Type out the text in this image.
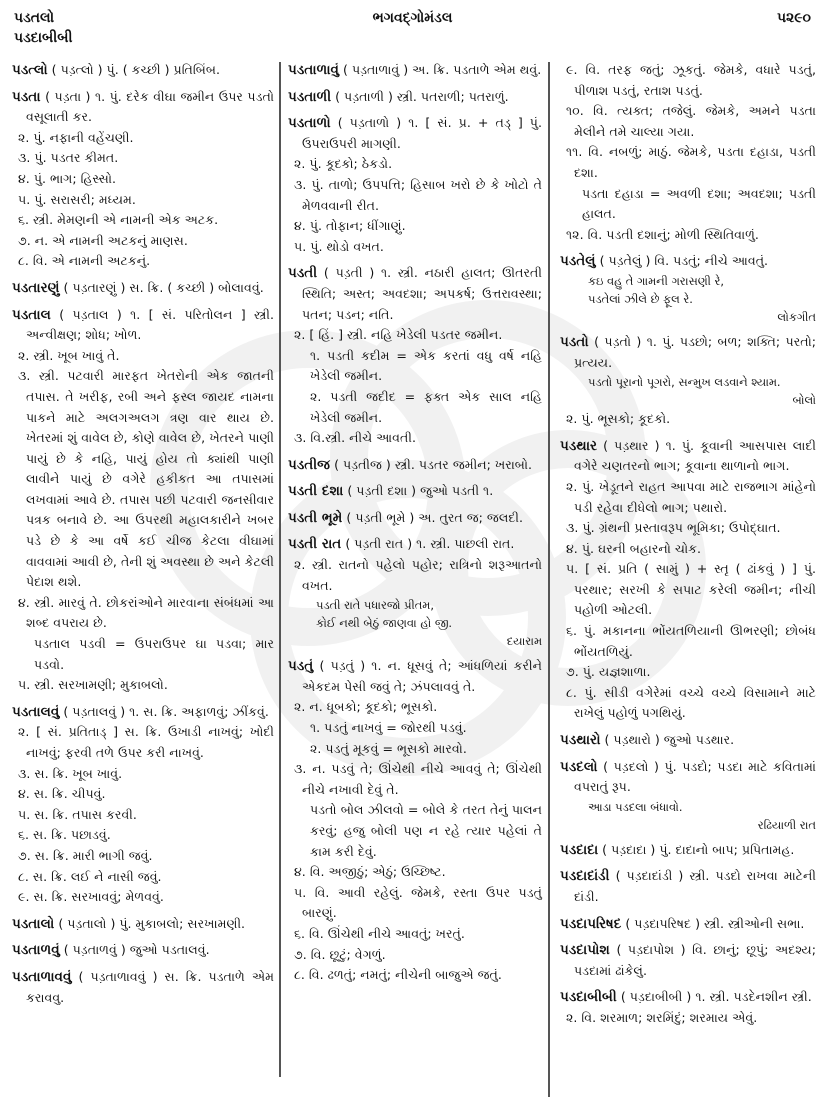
પડતલો
પડદાબીબી
ભગવદ્ગોમંડલ	પ૨૯૦
પડત્લો ( પડ઼ત્લો ) પું. ( કચ્છી ) પ્રતિબિંબ.
પડતા ( પડ઼તા ) ૧. પું. દરેક વીઘા જમીન ઉપર પડતો વસૂલાતી કર.
૨. પું. નફાની વહેંચણી.
૩. પું. પડતર કીમત.
૪. પું. ભાગ; હિસ્સો.
૫. પું. સરાસરી; મધ્યમ.
૬. સ્ત્રી. મેમણની એ નામની એક અટક.
૭. ન. એ નામની અટકનું માણસ.
૮. વિ. એ નામની અટકનું.
પડતારણું ( પડ઼તારણું ) સ. ક્રિ. ( કચ્છી ) બોલાવવું.
પડતાલ ( પડ઼તાલ ) ૧. [ સં. પરિતોલન ] સ્ત્રી. અન્વીક્ષણ; શોધ; ખોળ.
૨. સ્ત્રી. ખૂબ ખાવું તે.
૩. સ્ત્રી. પટવારી મારફત ખેતરોની એક જાતની તપાસ. તે ખરીફ, રબી અને ફસ્લ જાયદ નામના પાકને માટે અલગઅલગ ત્રણ વાર થાય છે. ખેતરમાં શું વાવેલ છે, કોણે વાવેલ છે, ખેતરને પાણી પાયું છે કે નહિ, પાયું હોય તો ક્યાંથી પાણી લાવીને પાયું છે વગેરે હકીકત આ તપાસમાં લખવામાં આવે છે. તપાસ પછી પટવારી જનસીવાર પત્રક બનાવે છે. આ ઉપરથી મહાલકારીને ખબર પડે છે કે આ વર્ષે કઈ ચીજ કેટલા વીઘામાં વાવવામાં આવી છે, તેની શું અવસ્થા છે અને કેટલી પેદાશ થશે.
૪. સ્ત્રી. મારવું તે. છોકરાંઓને મારવાના સંબંધમાં આ શબ્દ વપરાય છે.
પડતાલ પડવી = ઉપરાઉપર ઘા પડવા; માર પડવો.
૫. સ્ત્રી. સરખામણી; મુકાબલો.
પડતાલવું ( પડ઼તાલવું ) ૧. સ. ક્રિ. અફાળવું; ઝીંકવું.
૨. [ સં. પ્રતિતાડ્ ] સ. ક્રિ. ઉખાડી નાખવું; ખોદી નાખવું; ફરવી તળે ઉપર કરી નાખવું.
૩. સ. ક્રિ. ખૂબ ખાવું.
૪. સ. ક્રિ. ચીપવું.
૫. સ. ક્રિ. તપાસ કરવી.
૬. સ. ક્રિ. પછાડવું.
૭. સ. ક્રિ. મારી ભાગી જવું.
૮. સ. ક્રિ. લઈ ને નાસી જવું.
૯. સ. ક્રિ. સરખાવવું; મેળવવું.
પડતાલો ( પડ઼તાલો ) પું. મુકાબલો; સરખામણી.
પડતાળવું ( પડ઼તાળવું ) જુઓ પડતાલવું.
પડતાળાવવું ( પડ઼તાળાવવું ) સ. ક્રિ. પડતાળે એમ કરાવવુ.
પડતાળાવું ( પડ઼તાળાવું ) અ. ક્રિ. પડતાળે એમ થવું.
પડતાળી ( પડ઼તાળી ) સ્ત્રી. પતરાળી; પતરાળું.
પડતાળો ( પડ઼તાળો ) ૧. [ સં. પ્ર. + તડ્ ] પું. ઉપરાઉપરી માગણી.
૨. પું. કૂદકો; ઠેકડો.
૩. પું. તાળો; ઉપપત્તિ; હિસાબ ખરો છે કે ખોટો તે મેળવવાની રીત.
૪. પું. તોફાન; ધીંગાણું.
૫. પું. થોડો વખત.
પડતી ( પડ઼તી ) ૧. સ્ત્રી. નઠારી હાલત; ઊતરતી સ્થિતિ; અસ્ત; અવદશા; અપકર્ષ; ઉત્તરાવસ્થા; પતન; પડન; નતિ.
૨. [ હિં. ] સ્ત્રી. નહિ ખેડેલી પડતર જમીન.
૧. પડતી કદીમ = એક કરતાં વધુ વર્ષ નહિ ખેડેલી જમીન.
૨. પડતી જદીદ = ફક્ત એક સાલ નહિ ખેડેલી જમીન.
૩. વિ.સ્ત્રી. નીચે આવતી.
પડતીજ ( પડ઼તીજ ) સ્ત્રી. પડતર જમીન; ખરાબો.
પડતી દશા ( પડ઼તી દશા ) જુઓ પડતી ૧.
પડતી ભૂમે ( પડ઼તી ભૂમે ) અ. તુરત જ; જલદી.
પડતી રાત ( પડ઼તી રાત ) ૧. સ્ત્રી. પાછલી રાત.
૨. સ્ત્રી. રાતનો પહેલો પહોર; રાત્રિનો શરૂઆતનો વખત.
પડતી રાતે પધારજો પ્રીતમ,
કોઈ નથી બેઠું જાણવા હો જી.
દયારામ
પડતું ( પડ઼તું ) ૧. ન. ધૂસવું તે; આંધળિયાં કરીને એકદમ પેસી જવું તે; ઝંપલાવવું તે.
૨. ન. ધૂબકો; કૂદકો; ભૂસકો.
૧. પડતું નાખવું = જોરથી પડવું.
૨. પડતું મૂકવું = ભૂસકો મારવો.
૩. ન. પડવું તે; ઊંચેથી નીચે આવવું તે; ઊંચેથી નીચે નખાવી દેવું તે.
પડતો બોલ ઝીલવો = બોલે કે તરત તેનું પાલન કરવું; હજુ બોલી પણ ન રહે ત્યાર પહેલાં તે કામ કરી દેવું.
૪. વિ. અજીઠું; એઠું; ઉચ્છિષ્ટ.
૫. વિ. આવી રહેલું. જેમકે, રસ્તા ઉપર પડતું બારણું.
૬. વિ. ઊંચેથી નીચે આવતું; ખરતું.
૭. વિ. છૂટું; વેગળું.
૮. વિ. ઢળતું; નમતું; નીચેની બાજુએ જતું.
૯. વિ. તરફ જતું; ઝૂકતું. જેમકે, વધારે પડતું, પીળાશ પડતું, રતાશ પડતું.
૧૦. વિ. ત્યક્ત; તજેલું. જેમકે, અમને પડતા મેલીને તમે ચાલ્યા ગયા.
૧૧. વિ. નબળું; માઠું. જેમકે, પડતા દહાડા, પડતી દશા.
પડતા દહાડા = અવળી દશા; અવદશા; પડતી હાલત.
૧૨. વિ. પડતી દશાનું; મોળી સ્થિતિવાળું.
પડતેલું ( પડ઼તેલું ) વિ. પડતું; નીચે આવતું.
કઇ વહુ તે ગામની ગરાસણી રે,
પડતેલાં ઝીલે છે ફૂલ રે.
લોકગીત
પડતો ( પડ઼તો ) ૧. પું. પડછો; બળ; શક્તિ; પરતો; પ્રત્યય.
પડતો પૂરાનો પૂગરો, સન્મુખ લડવાને શ્યામ.
બોલો
૨. પું. ભૂસકો; કૂદકો.
પડથાર ( પડ઼થાર ) ૧. પું. કૂવાની આસપાસ લાદી વગેરે ચણતરનો ભાગ; કૂવાના થાળાનો ભાગ.
૨. પું. ખેડૂતને રાહત આપવા માટે રાજભાગ માંહેનો પડી રહેવા દીધેલો ભાગ; પથારો.
૩. પું. ગ્રંથની પ્રસ્તાવરૂપ ભૂમિકા; ઉપોદ્ઘાત.
૪. પું. ઘરની બહારનો ચોક.
૫. [ સં. પ્રતિ ( સામું ) + સ્તૃ ( ઢાંકવું ) ] પું. પરથાર; સરખી કે સપાટ કરેલી જમીન; નીચી પહોળી ઓટલી.
૬. પું. મકાનના ભોંયતળિયાની ઊભરણી; છોબંધ ભોંયતળિયું.
૭. પું. યજ્ઞશાળા.
૮. પું. સીડી વગેરેમાં વચ્ચે વચ્ચે વિસામાને માટે રાખેલું પહોળું પગથિયું.
પડથારો ( પડ઼થારો ) જુઓ પડથાર.
પડદલો ( પડ઼દલો ) પું. પડદો; પડદા માટે કવિતામાં વપરાતું રૂપ.
આડા પડદલા બંધાવો.
રઢિયાળી રાત
પડદાદા ( પડ઼દાદા ) પું. દાદાનો બાપ; પ્રપિતામહ.
પડદાદાંડી ( પડ઼દાદાંડી ) સ્ત્રી. પડદો રાખવા માટેની દાંડી.
પડદાપરિષદ ( પડ઼દાપરિષદ ) સ્ત્રી. સ્ત્રીઓની સભા.
પડદાપોશ ( પડ઼દાપોશ ) વિ. છાનું; છૂપું; અદશ્ય; પડદામાં ઢાંકેલું.
પડદાબીબી ( પડ઼દાબીબી ) ૧. સ્ત્રી. પડદેનશીન સ્ત્રી.
૨. વિ. શરમાળ; શરમિંદું; શરમાય એવું.
